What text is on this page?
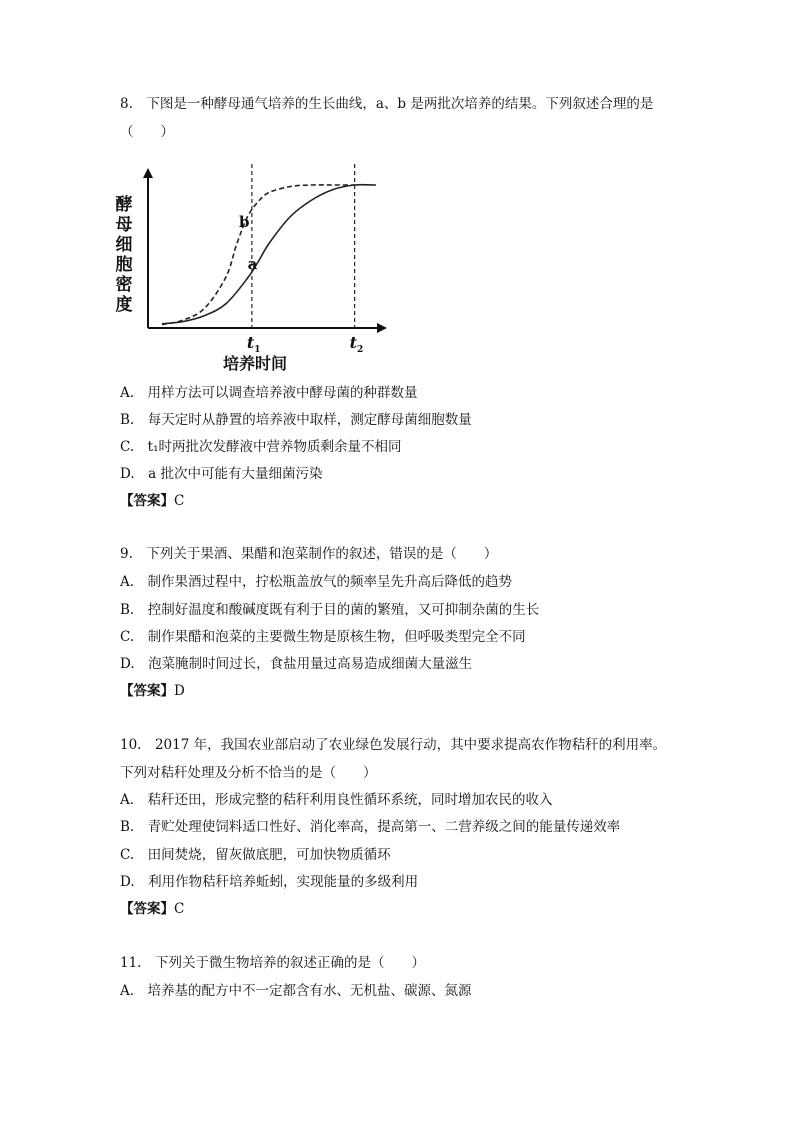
8.　下图是一种酵母通气培养的生长曲线，a、b 是两批次培养的结果。下列叙述合理的是
（　　）
酵
母
细
胞
密
度
a
b
$t_1$	$t_2$
培养时间
A.　用样方法可以调查培养液中酵母菌的种群数量
B.　每天定时从静置的培养液中取样，测定酵母菌细胞数量
C.　t₁时两批次发酵液中营养物质剩余量不相同
D.　a 批次中可能有大量细菌污染
【答案】C
9.　下列关于果酒、果醋和泡菜制作的叙述，错误的是（　　）
A.　制作果酒过程中，拧松瓶盖放气的频率呈先升高后降低的趋势
B.　控制好温度和酸碱度既有利于目的菌的繁殖，又可抑制杂菌的生长
C.　制作果醋和泡菜的主要微生物是原核生物，但呼吸类型完全不同
D.　泡菜腌制时间过长，食盐用量过高易造成细菌大量滋生
【答案】D
10.　2017 年，我国农业部启动了农业绿色发展行动，其中要求提高农作物秸秆的利用率。
下列对秸秆处理及分析不恰当的是（　　）
A.　秸秆还田，形成完整的秸秆利用良性循环系统，同时增加农民的收入
B.　青贮处理使饲料适口性好、消化率高，提高第一、二营养级之间的能量传递效率
C.　田间焚烧，留灰做底肥，可加快物质循环
D.　利用作物秸秆培养蚯蚓，实现能量的多级利用
【答案】C
11.　下列关于微生物培养的叙述正确的是（　　）
A.　培养基的配方中不一定都含有水、无机盐、碳源、氮源
